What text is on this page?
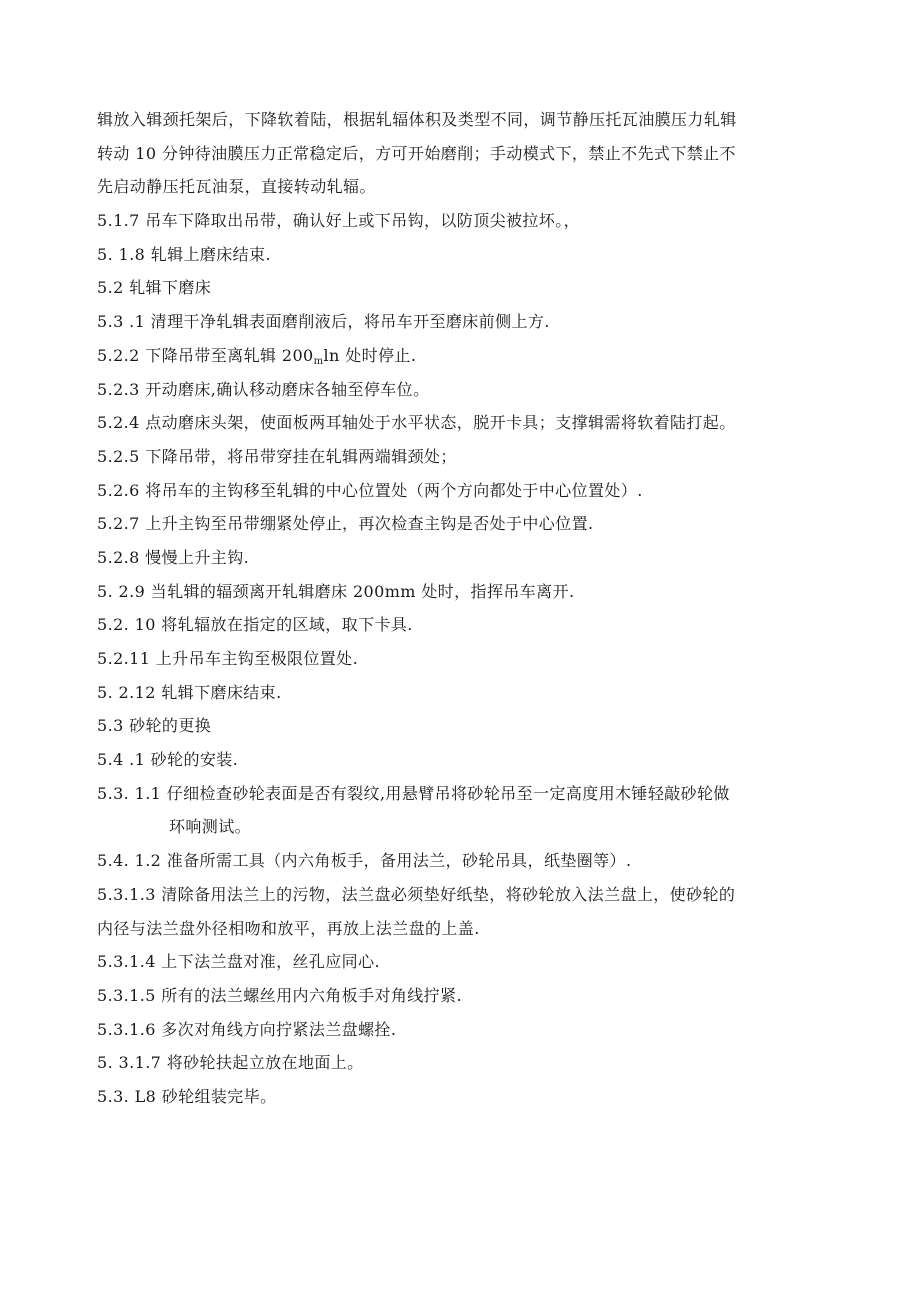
辑放入辑颈托架后，下降软着陆，根据轧辐体积及类型不同，调节静压托瓦油膜压力轧辑
转动 10 分钟待油膜压力正常稳定后，方可开始磨削；手动模式下，禁止不先式下禁止不
先启动静压托瓦油泵，直接转动轧辐。
5.1.7 吊车下降取出吊带，确认好上或下吊钩，以防顶尖被拉坏。，
5. 1.8 轧辑上磨床结束.
5.2 轧辑下磨床
5.3 .1 清理干净轧辑表面磨削液后，将吊车开至磨床前侧上方.
5.2.2 下降吊带至离轧辑 $200_m\ln$ 处时停止.
5.2.3 开动磨床,确认移动磨床各轴至停车位。
5.2.4 点动磨床头架，使面板两耳轴处于水平状态，脱开卡具；支撑辑需将软着陆打起。
5.2.5 下降吊带，将吊带穿挂在轧辑两端辑颈处；
5.2.6 将吊车的主钩移至轧辑的中心位置处（两个方向都处于中心位置处）.
5.2.7 上升主钩至吊带绷紧处停止，再次检查主钩是否处于中心位置.
5.2.8 慢慢上升主钩.
5. 2.9 当轧辑的辐颈离开轧辑磨床 200mm 处时，指挥吊车离开.
5.2. 10 将轧辐放在指定的区域，取下卡具.
5.2.11 上升吊车主钩至极限位置处.
5. 2.12 轧辑下磨床结束.
5.3 砂轮的更换
5.4 .1 砂轮的安装.
5.3. 1.1 仔细检查砂轮表面是否有裂纹,用悬臂吊将砂轮吊至一定高度用木锤轻敲砂轮做
环响测试。
5.4. 1.2 准备所需工具（内六角板手，备用法兰，砂轮吊具，纸垫圈等）.
5.3.1.3 清除备用法兰上的污物，法兰盘必须垫好纸垫，将砂轮放入法兰盘上，使砂轮的
内径与法兰盘外径相吻和放平，再放上法兰盘的上盖.
5.3.1.4 上下法兰盘对准，丝孔应同心.
5.3.1.5 所有的法兰螺丝用内六角板手对角线拧紧.
5.3.1.6 多次对角线方向拧紧法兰盘螺拴.
5. 3.1.7 将砂轮扶起立放在地面上。
5.3. L8 砂轮组装完毕。
